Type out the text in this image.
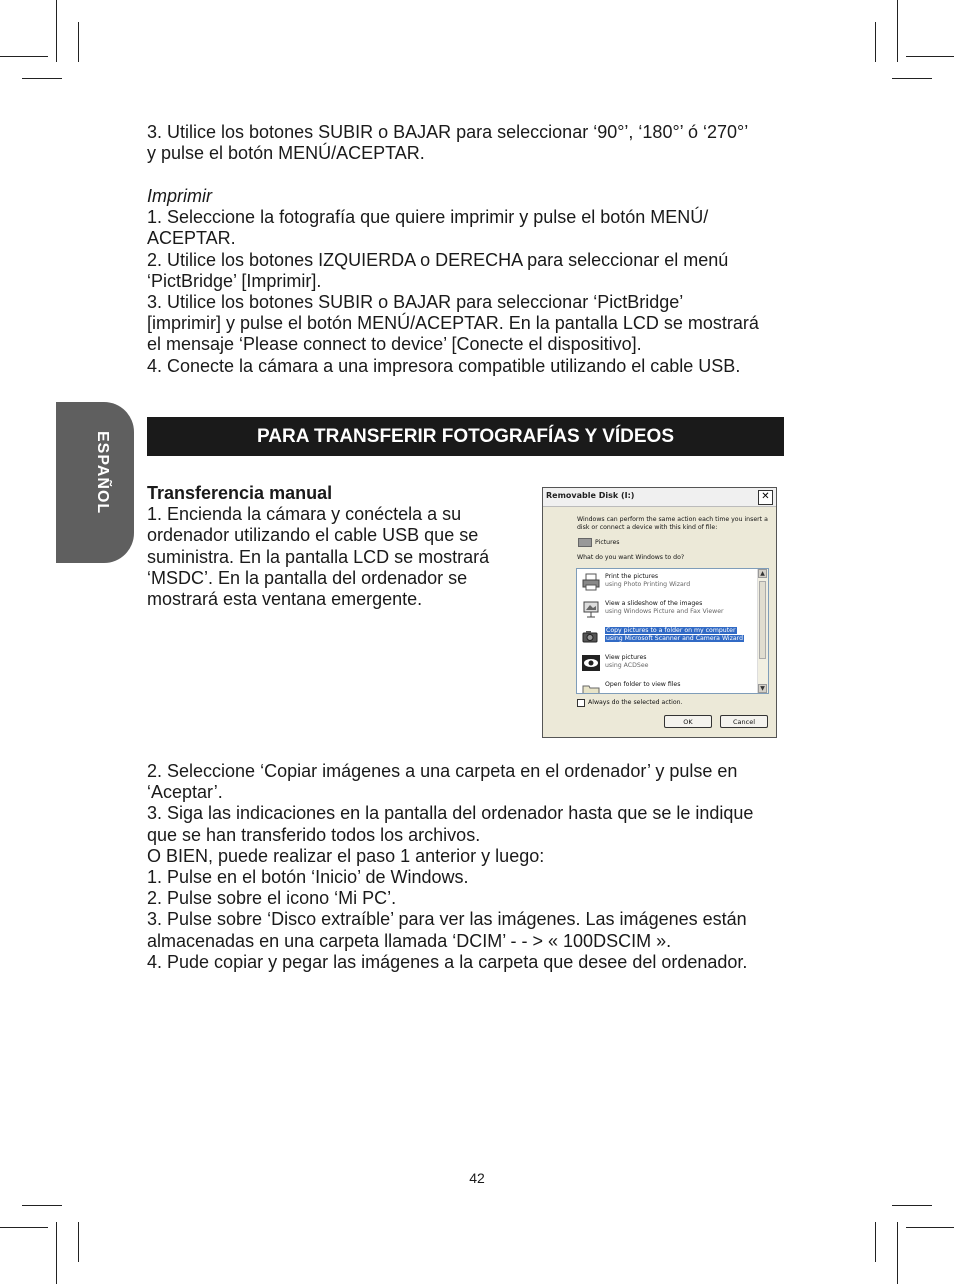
3. Utilice los botones SUBIR o BAJAR para seleccionar ‘90°’, ‘180°’ ó ‘270°’

y pulse el botón MENÚ/ACEPTAR.

Imprimir

1. Seleccione la fotografía que quiere imprimir y pulse el botón MENÚ/

ACEPTAR.

2. Utilice los botones IZQUIERDA o DERECHA para seleccionar el menú

‘PictBridge’ [Imprimir].

3. Utilice los botones SUBIR o BAJAR para seleccionar ‘PictBridge’

[imprimir] y pulse el botón MENÚ/ACEPTAR. En la pantalla LCD se mostrará

el mensaje ‘Please connect to device’ [Conecte el dispositivo].

4. Conecte la cámara a una impresora compatible utilizando el cable USB.

ESPAÑOL	PARA TRANSFERIR FOTOGRAFÍAS Y VÍDEOS

Transferencia manual

1. Encienda la cámara y conéctela a su

ordenador utilizando el cable USB que se

suministra. En la pantalla LCD se mostrará

‘MSDC’. En la pantalla del ordenador se

mostrará esta ventana emergente.

Removable Disk (I:)	✕
Windows can perform the same action each time you insert a disk or connect a device with this kind of file:
Pictures
What do you want Windows to do?
Print the pictures
using Photo Printing Wizard
View a slideshow of the images
using Windows Picture and Fax Viewer
Copy pictures to a folder on my computer
using Microsoft Scanner and Camera Wizard
View pictures
using ACDSee
Open folder to view files
▲
▼
Always do the selected action.
OK	Cancel

2. Seleccione ‘Copiar imágenes a una carpeta en el ordenador’ y pulse en

‘Aceptar’.

3. Siga las indicaciones en la pantalla del ordenador hasta que se le indique

que se han transferido todos los archivos.

O BIEN, puede realizar el paso 1 anterior y luego:

1. Pulse en el botón ‘Inicio’ de Windows.

2. Pulse sobre el icono ‘Mi PC’.

3. Pulse sobre ‘Disco extraíble’ para ver las imágenes. Las imágenes están

almacenadas en una carpeta llamada ‘DCIM’ - - > « 100DSCIM ».

4. Pude copiar y pegar las imágenes a la carpeta que desee del ordenador.

42
